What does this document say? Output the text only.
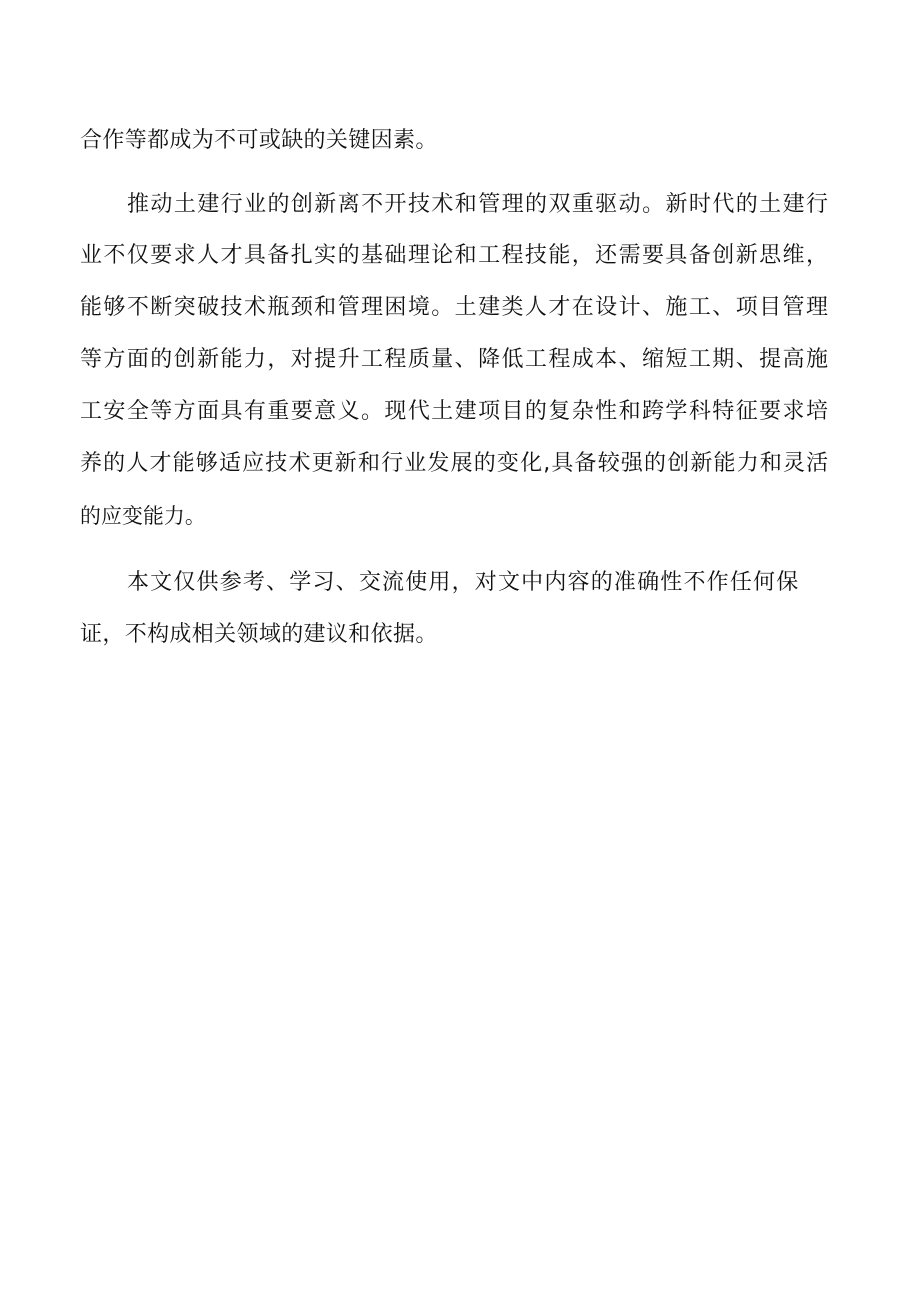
合作等都成为不可或缺的关键因素。
推动土建行业的创新离不开技术和管理的双重驱动。新时代的土建行
业不仅要求人才具备扎实的基础理论和工程技能，还需要具备创新思维，
能够不断突破技术瓶颈和管理困境。土建类人才在设计、施工、项目管理
等方面的创新能力，对提升工程质量、降低工程成本、缩短工期、提高施
工安全等方面具有重要意义。现代土建项目的复杂性和跨学科特征要求培
养的人才能够适应技术更新和行业发展的变化,具备较强的创新能力和灵活
的应变能力。
本文仅供参考、学习、交流使用，对文中内容的准确性不作任何保
证，不构成相关领域的建议和依据。
